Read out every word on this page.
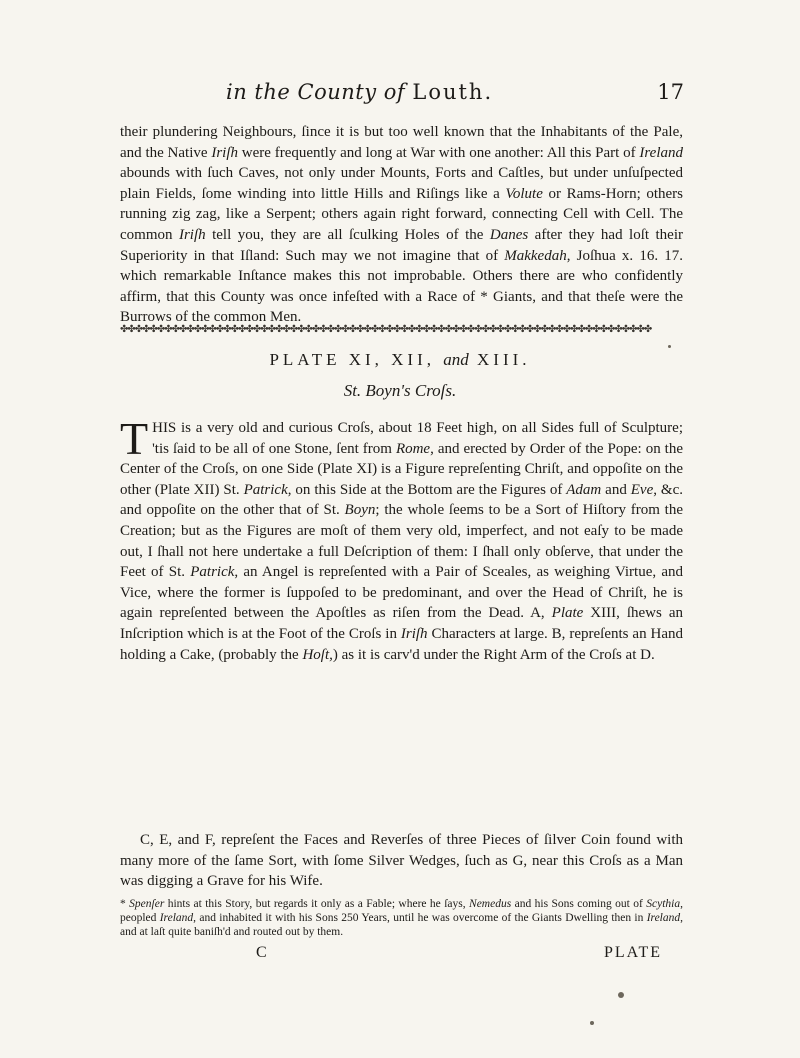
in the County of Louth.	17

their plundering Neighbours, ſince it is but too well known that the Inhabitants of the Pale, and the Native Iriſh were frequently and long at War with one another: All this Part of Ireland abounds with ſuch Caves, not only under Mounts, Forts and Caſtles, but under unſuſpected plain Fields, ſome winding into little Hills and Riſings like a Volute or Rams-Horn; others running zig zag, like a Serpent; others again right forward, connecting Cell with Cell. The common Iriſh tell you, they are all ſculking Holes of the Danes after they had loſt their Superiority in that Iſland: Such may we not imagine that of Makkedah, Joſhua x. 16. 17. which remarkable Inſtance makes this not improbable. Others there are who confidently affirm, that this County was once infeſted with a Race of * Giants, and that theſe were the Burrows of the common Men.

✤✤✤✤✤✤✤✤✤✤✤✤✤✤✤✤✤✤✤✤✤✤✤✤✤✤✤✤✤✤✤✤✤✤✤✤✤✤✤✤✤✤✤✤✤✤✤✤✤✤✤✤✤✤✤✤✤✤✤✤✤✤✤✤✤✤✤✤✤✤✤✤
PLATE XI, XII, and XIII.
St. Boyn's Croſs.
T HIS is a very old and curious Croſs, about 18 Feet high, on all Sides full of Sculpture; 'tis ſaid to be all of one Stone, ſent from Rome, and erected by Order of the Pope: on the Center of the Croſs, on one Side (Plate XI) is a Figure repreſenting Chriſt, and oppoſite on the other (Plate XII) St. Patrick, on this Side at the Bottom are the Figures of Adam and Eve, &c. and oppoſite on the other that of St. Boyn; the whole ſeems to be a Sort of Hiſtory from the Creation; but as the Figures are moſt of them very old, imperfect, and not eaſy to be made out, I ſhall not here undertake a full Deſcription of them: I ſhall only obſerve, that under the Feet of St. Patrick, an Angel is repreſented with a Pair of Sceales, as weighing Virtue, and Vice, where the former is ſuppoſed to be predominant, and over the Head of Chriſt, he is again repreſented between the Apoſtles as riſen from the Dead. A, Plate XIII, ſhews an Inſcription which is at the Foot of the Croſs in Iriſh Characters at large. B, repreſents an Hand holding a Cake, (probably the Hoſt,) as it is carv'd under the Right Arm of the Croſs at D.

C, E, and F, repreſent the Faces and Reverſes of three Pieces of ſilver Coin found with many more of the ſame Sort, with ſome Silver Wedges, ſuch as G, near this Croſs as a Man was digging a Grave for his Wife.

* Spenſer hints at this Story, but regards it only as a Fable; where he ſays, Nemedus and his Sons coming out of Scythia, peopled Ireland, and inhabited it with his Sons 250 Years, until he was overcome of the Giants Dwelling then in Ireland, and at laſt quite baniſh'd and routed out by them.
C	PLATE
